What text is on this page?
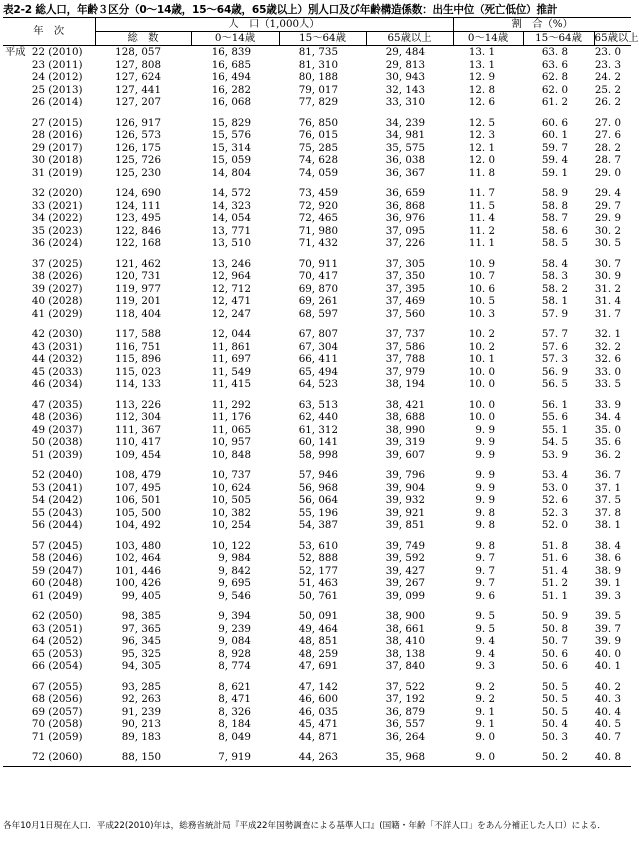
表2-2 総人口，年齢３区分（0～14歳，15～64歳，65歳以上）別人口及び年齢構造係数：出生中位（死亡低位）推計
年　次	人　口（1,000人）				割　合（%）		
	総　数	0～14歳	15～64歳	65歳以上	0～14歳	15～64歳	65歳以上
平成 22 (2010)	128, 057	16, 839	81, 735	29, 484	13. 1	63. 8	23. 0
23 (2011)	127, 808	16, 685	81, 310	29, 813	13. 1	63. 6	23. 3
24 (2012)	127, 624	16, 494	80, 188	30, 943	12. 9	62. 8	24. 2
25 (2013)	127, 441	16, 282	79, 017	32, 143	12. 8	62. 0	25. 2
26 (2014)	127, 207	16, 068	77, 829	33, 310	12. 6	61. 2	26. 2
27 (2015)	126, 917	15, 829	76, 850	34, 239	12. 5	60. 6	27. 0
28 (2016)	126, 573	15, 576	76, 015	34, 981	12. 3	60. 1	27. 6
29 (2017)	126, 175	15, 314	75, 285	35, 575	12. 1	59. 7	28. 2
30 (2018)	125, 726	15, 059	74, 628	36, 038	12. 0	59. 4	28. 7
31 (2019)	125, 230	14, 804	74, 059	36, 367	11. 8	59. 1	29. 0
32 (2020)	124, 690	14, 572	73, 459	36, 659	11. 7	58. 9	29. 4
33 (2021)	124, 111	14, 323	72, 920	36, 868	11. 5	58. 8	29. 7
34 (2022)	123, 495	14, 054	72, 465	36, 976	11. 4	58. 7	29. 9
35 (2023)	122, 846	13, 771	71, 980	37, 095	11. 2	58. 6	30. 2
36 (2024)	122, 168	13, 510	71, 432	37, 226	11. 1	58. 5	30. 5
37 (2025)	121, 462	13, 246	70, 911	37, 305	10. 9	58. 4	30. 7
38 (2026)	120, 731	12, 964	70, 417	37, 350	10. 7	58. 3	30. 9
39 (2027)	119, 977	12, 712	69, 870	37, 395	10. 6	58. 2	31. 2
40 (2028)	119, 201	12, 471	69, 261	37, 469	10. 5	58. 1	31. 4
41 (2029)	118, 404	12, 247	68, 597	37, 560	10. 3	57. 9	31. 7
42 (2030)	117, 588	12, 044	67, 807	37, 737	10. 2	57. 7	32. 1
43 (2031)	116, 751	11, 861	67, 304	37, 586	10. 2	57. 6	32. 2
44 (2032)	115, 896	11, 697	66, 411	37, 788	10. 1	57. 3	32. 6
45 (2033)	115, 023	11, 549	65, 494	37, 979	10. 0	56. 9	33. 0
46 (2034)	114, 133	11, 415	64, 523	38, 194	10. 0	56. 5	33. 5
47 (2035)	113, 226	11, 292	63, 513	38, 421	10. 0	56. 1	33. 9
48 (2036)	112, 304	11, 176	62, 440	38, 688	10. 0	55. 6	34. 4
49 (2037)	111, 367	11, 065	61, 312	38, 990	9. 9	55. 1	35. 0
50 (2038)	110, 417	10, 957	60, 141	39, 319	9. 9	54. 5	35. 6
51 (2039)	109, 454	10, 848	58, 998	39, 607	9. 9	53. 9	36. 2
52 (2040)	108, 479	10, 737	57, 946	39, 796	9. 9	53. 4	36. 7
53 (2041)	107, 495	10, 624	56, 968	39, 904	9. 9	53. 0	37. 1
54 (2042)	106, 501	10, 505	56, 064	39, 932	9. 9	52. 6	37. 5
55 (2043)	105, 500	10, 382	55, 196	39, 921	9. 8	52. 3	37. 8
56 (2044)	104, 492	10, 254	54, 387	39, 851	9. 8	52. 0	38. 1
57 (2045)	103, 480	10, 122	53, 610	39, 749	9. 8	51. 8	38. 4
58 (2046)	102, 464	9, 984	52, 888	39, 592	9. 7	51. 6	38. 6
59 (2047)	101, 446	9, 842	52, 177	39, 427	9. 7	51. 4	38. 9
60 (2048)	100, 426	9, 695	51, 463	39, 267	9. 7	51. 2	39. 1
61 (2049)	99, 405	9, 546	50, 761	39, 099	9. 6	51. 1	39. 3
62 (2050)	98, 385	9, 394	50, 091	38, 900	9. 5	50. 9	39. 5
63 (2051)	97, 365	9, 239	49, 464	38, 661	9. 5	50. 8	39. 7
64 (2052)	96, 345	9, 084	48, 851	38, 410	9. 4	50. 7	39. 9
65 (2053)	95, 325	8, 928	48, 259	38, 138	9. 4	50. 6	40. 0
66 (2054)	94, 305	8, 774	47, 691	37, 840	9. 3	50. 6	40. 1
67 (2055)	93, 285	8, 621	47, 142	37, 522	9. 2	50. 5	40. 2
68 (2056)	92, 263	8, 471	46, 600	37, 192	9. 2	50. 5	40. 3
69 (2057)	91, 239	8, 326	46, 035	36, 879	9. 1	50. 5	40. 4
70 (2058)	90, 213	8, 184	45, 471	36, 557	9. 1	50. 4	40. 5
71 (2059)	89, 183	8, 049	44, 871	36, 264	9. 0	50. 3	40. 7
72 (2060)	88, 150	7, 919	44, 263	35, 968	9. 0	50. 2	40. 8
各年10月1日現在人口．平成22(2010)年は，総務省統計局『平成22年国勢調査による基準人口』(国籍・年齢「不詳人口」をあん分補正した人口）による．
